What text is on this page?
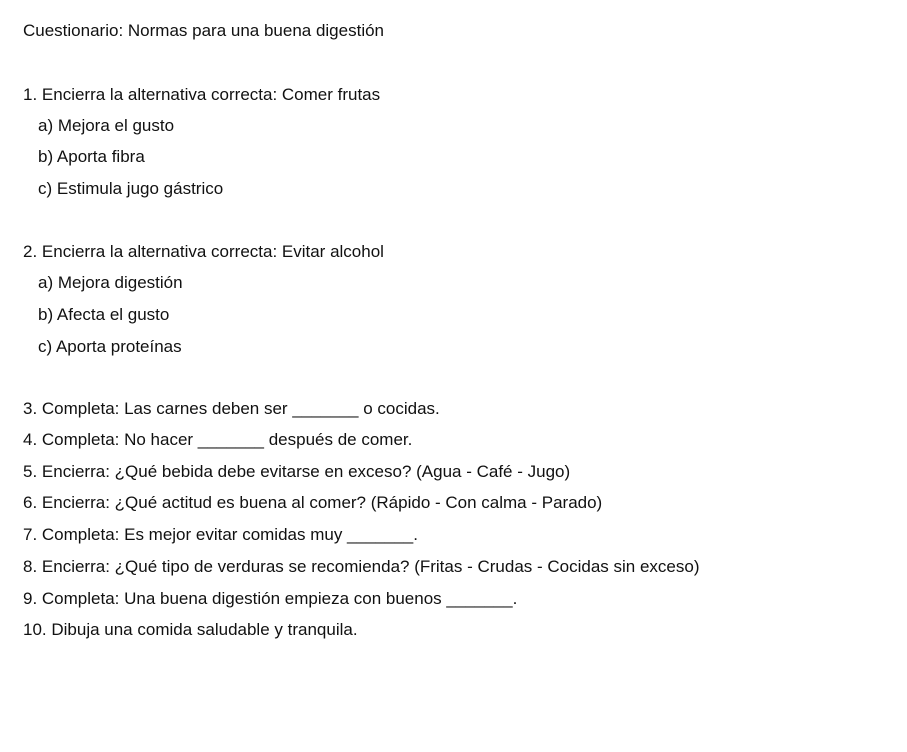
Cuestionario: Normas para una buena digestión
1. Encierra la alternativa correcta: Comer frutas
a) Mejora el gusto
b) Aporta fibra
c) Estimula jugo gástrico
2. Encierra la alternativa correcta: Evitar alcohol
a) Mejora digestión
b) Afecta el gusto
c) Aporta proteínas
3. Completa: Las carnes deben ser _______ o cocidas.
4. Completa: No hacer _______ después de comer.
5. Encierra: ¿Qué bebida debe evitarse en exceso? (Agua - Café - Jugo)
6. Encierra: ¿Qué actitud es buena al comer? (Rápido - Con calma - Parado)
7. Completa: Es mejor evitar comidas muy _______.
8. Encierra: ¿Qué tipo de verduras se recomienda? (Fritas - Crudas - Cocidas sin exceso)
9. Completa: Una buena digestión empieza con buenos _______.
10. Dibuja una comida saludable y tranquila.
